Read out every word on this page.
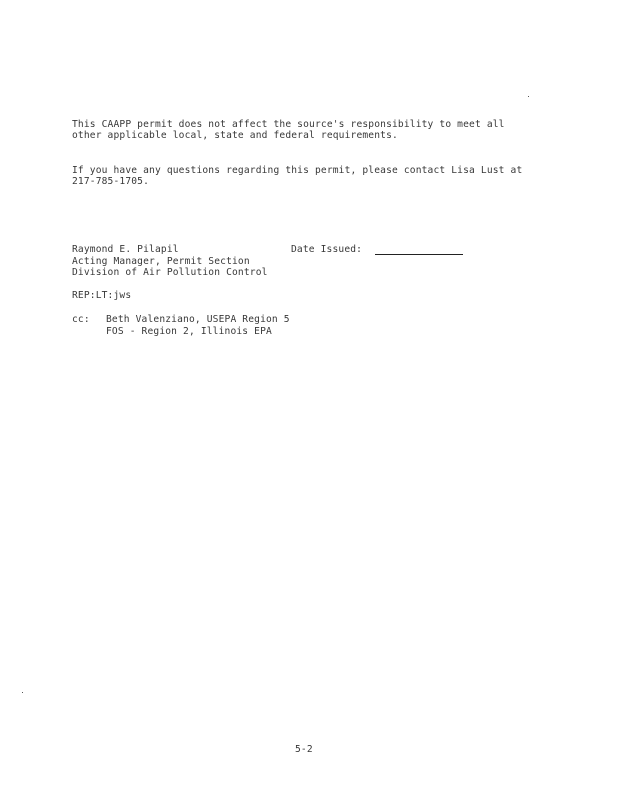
This CAAPP permit does not affect the source's responsibility to meet all
other applicable local, state and federal requirements.
If you have any questions regarding this permit, please contact Lisa Lust at
217-785-1705.
Raymond E. Pilapil
Acting Manager, Permit Section
Division of Air Pollution Control
Date Issued:
REP:LT:jws
cc: Beth Valenziano, USEPA Region 5
FOS - Region 2, Illinois EPA
5-2
